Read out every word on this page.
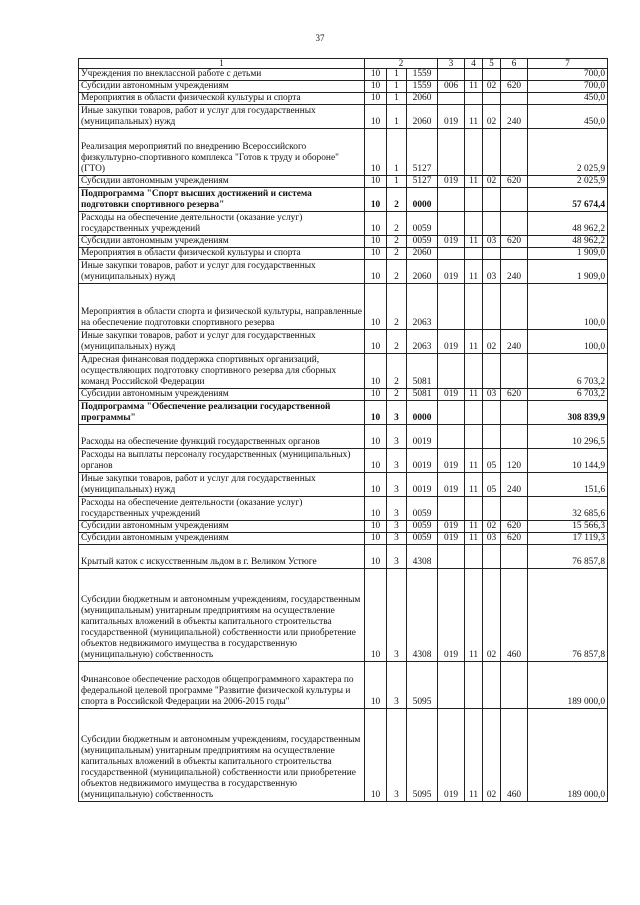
37
1	2			3	4	5	6	7
Учреждения по внеклассной работе с детьми	10	1	1559					700,0
Субсидии автономным учреждениям	10	1	1559	006	11	02	620	700,0
Мероприятия в области физической культуры и спорта	10	1	2060					450,0
Иные закупки товаров, работ и услуг для государственных (муниципальных) нужд	10	1	2060	019	11	02	240	450,0
Реализация мероприятий по внедрению Всероссийского физкультурно-спортивного комплекса "Готов к труду и обороне" (ГТО)	10	1	5127					2 025,9
Субсидии автономным учреждениям	10	1	5127	019	11	02	620	2 025,9
Подпрограмма "Спорт высших достижений и система подготовки спортивного резерва"	10	2	0000					57 674,4
Расходы на обеспечение деятельности (оказание услуг) государственных учреждений	10	2	0059					48 962,2
Субсидии автономным учреждениям	10	2	0059	019	11	03	620	48 962,2
Мероприятия в области физической культуры и спорта	10	2	2060					1 909,0
Иные закупки товаров, работ и услуг для государственных (муниципальных) нужд	10	2	2060	019	11	03	240	1 909,0
Мероприятия в области спорта и физической культуры, направленные на обеспечение подготовки спортивного резерва	10	2	2063					100,0
Иные закупки товаров, работ и услуг для государственных (муниципальных) нужд	10	2	2063	019	11	02	240	100,0
Адресная финансовая поддержка спортивных организаций, осуществляющих подготовку спортивного резерва для сборных команд Российской Федерации	10	2	5081					6 703,2
Субсидии автономным учреждениям	10	2	5081	019	11	03	620	6 703,2
Подпрограмма "Обеспечение реализации государственной программы"	10	3	0000					308 839,9
Расходы на обеспечение функций государственных органов	10	3	0019					10 296,5
Расходы на выплаты персоналу государственных (муниципальных) органов	10	3	0019	019	11	05	120	10 144,9
Иные закупки товаров, работ и услуг для государственных (муниципальных) нужд	10	3	0019	019	11	05	240	151,6
Расходы на обеспечение деятельности (оказание услуг) государственных учреждений	10	3	0059					32 685,6
Субсидии автономным учреждениям	10	3	0059	019	11	02	620	15 566,3
Субсидии автономным учреждениям	10	3	0059	019	11	03	620	17 119,3
Крытый каток с искусственным льдом в г. Великом Устюге	10	3	4308					76 857,8
Субсидии бюджетным и автономным учреждениям, государственным (муниципальным) унитарным предприятиям на осуществление капитальных вложений в объекты капитального строительства государственной (муниципальной) собственности или приобретение объектов недвижимого имущества в государственную (муниципальную) собственность	10	3	4308	019	11	02	460	76 857,8
Финансовое обеспечение расходов общепрограммного характера по федеральной целевой программе "Развитие физической культуры и спорта в Российской Федерации на 2006-2015 годы"	10	3	5095					189 000,0
Субсидии бюджетным и автономным учреждениям, государственным (муниципальным) унитарным предприятиям на осуществление капитальных вложений в объекты капитального строительства государственной (муниципальной) собственности или приобретение объектов недвижимого имущества в государственную (муниципальную) собственность	10	3	5095	019	11	02	460	189 000,0
